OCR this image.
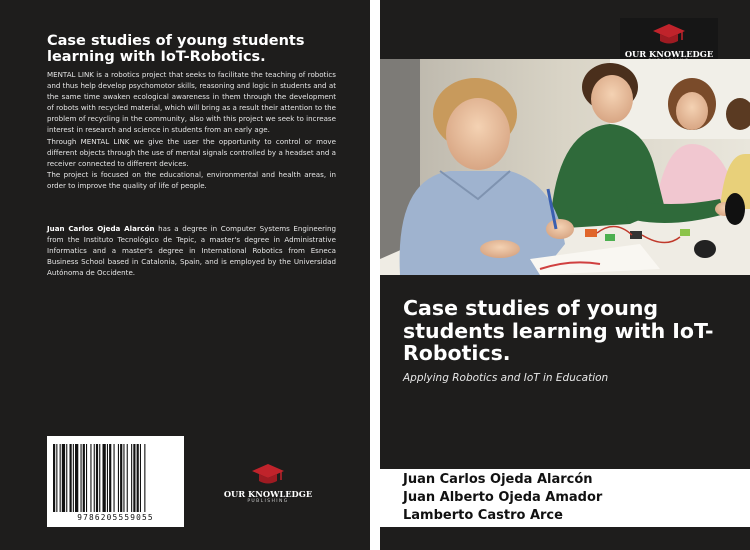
Case studies of young students learning with IoT-Robotics.

MENTAL LINK is a robotics project that seeks to facilitate the teaching of robotics and thus help develop psychomotor skills, reasoning and logic in students and at the same time awaken ecological awareness in them through the development of robots with recycled material, which will bring as a result their attention to the problem of recycling in the community, also with this project we seek to increase interest in research and science in students from an early age.

Through MENTAL LINK we give the user the opportunity to control or move different objects through the use of mental signals controlled by a headset and a receiver connected to different devices.

The project is focused on the educational, environmental and health areas, in order to improve the quality of life of people.

Juan Carlos Ojeda Alarcón has a degree in Computer Systems Engineering from the Instituto Tecnológico de Tepic, a master's degree in Administrative Informatics and a master's degree in International Robotics from Esneca Business School based in Catalonia, Spain, and is employed by the Universidad Autónoma de Occidente.

9786205559055
OUR KNOWLEDGE
PUBLISHING
OUR KNOWLEDGE
Case studies of young students learning with IoT-Robotics.
Applying Robotics and IoT in Education
Juan Carlos Ojeda Alarcón
Juan Alberto Ojeda Amador
Lamberto Castro Arce
